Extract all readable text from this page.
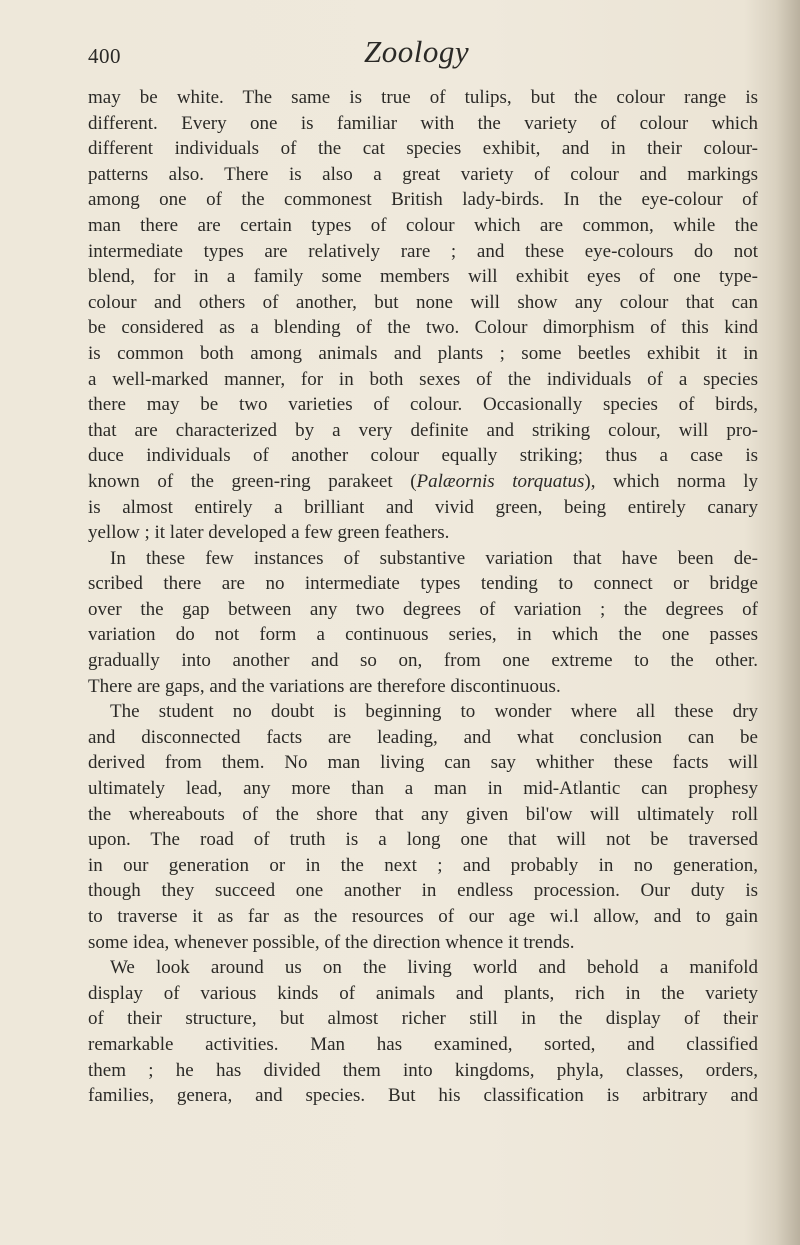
400	Zoology
may be white. The same is true of tulips, but the colour range is
different. Every one is familiar with the variety of colour which
different individuals of the cat species exhibit, and in their colour-
patterns also. There is also a great variety of colour and markings
among one of the commonest British lady-birds. In the eye-colour of
man there are certain types of colour which are common, while the
intermediate types are relatively rare ; and these eye-colours do not
blend, for in a family some members will exhibit eyes of one type-
colour and others of another, but none will show any colour that can
be considered as a blending of the two. Colour dimorphism of this kind
is common both among animals and plants ; some beetles exhibit it in
a well-marked manner, for in both sexes of the individuals of a species
there may be two varieties of colour. Occasionally species of birds,
that are characterized by a very definite and striking colour, will pro-
duce individuals of another colour equally striking; thus a case is
known of the green-ring parakeet (Palæornis torquatus), which norma ly
is almost entirely a brilliant and vivid green, being entirely canary
yellow ; it later developed a few green feathers.
In these few instances of substantive variation that have been de-
scribed there are no intermediate types tending to connect or bridge
over the gap between any two degrees of variation ; the degrees of
variation do not form a continuous series, in which the one passes
gradually into another and so on, from one extreme to the other.
There are gaps, and the variations are therefore discontinuous.
The student no doubt is beginning to wonder where all these dry
and disconnected facts are leading, and what conclusion can be
derived from them. No man living can say whither these facts will
ultimately lead, any more than a man in mid-Atlantic can prophesy
the whereabouts of the shore that any given bil'ow will ultimately roll
upon. The road of truth is a long one that will not be traversed
in our generation or in the next ; and probably in no generation,
though they succeed one another in endless procession. Our duty is
to traverse it as far as the resources of our age wi.l allow, and to gain
some idea, whenever possible, of the direction whence it trends.
We look around us on the living world and behold a manifold
display of various kinds of animals and plants, rich in the variety
of their structure, but almost richer still in the display of their
remarkable activities. Man has examined, sorted, and classified
them ; he has divided them into kingdoms, phyla, classes, orders,
families, genera, and species. But his classification is arbitrary and
